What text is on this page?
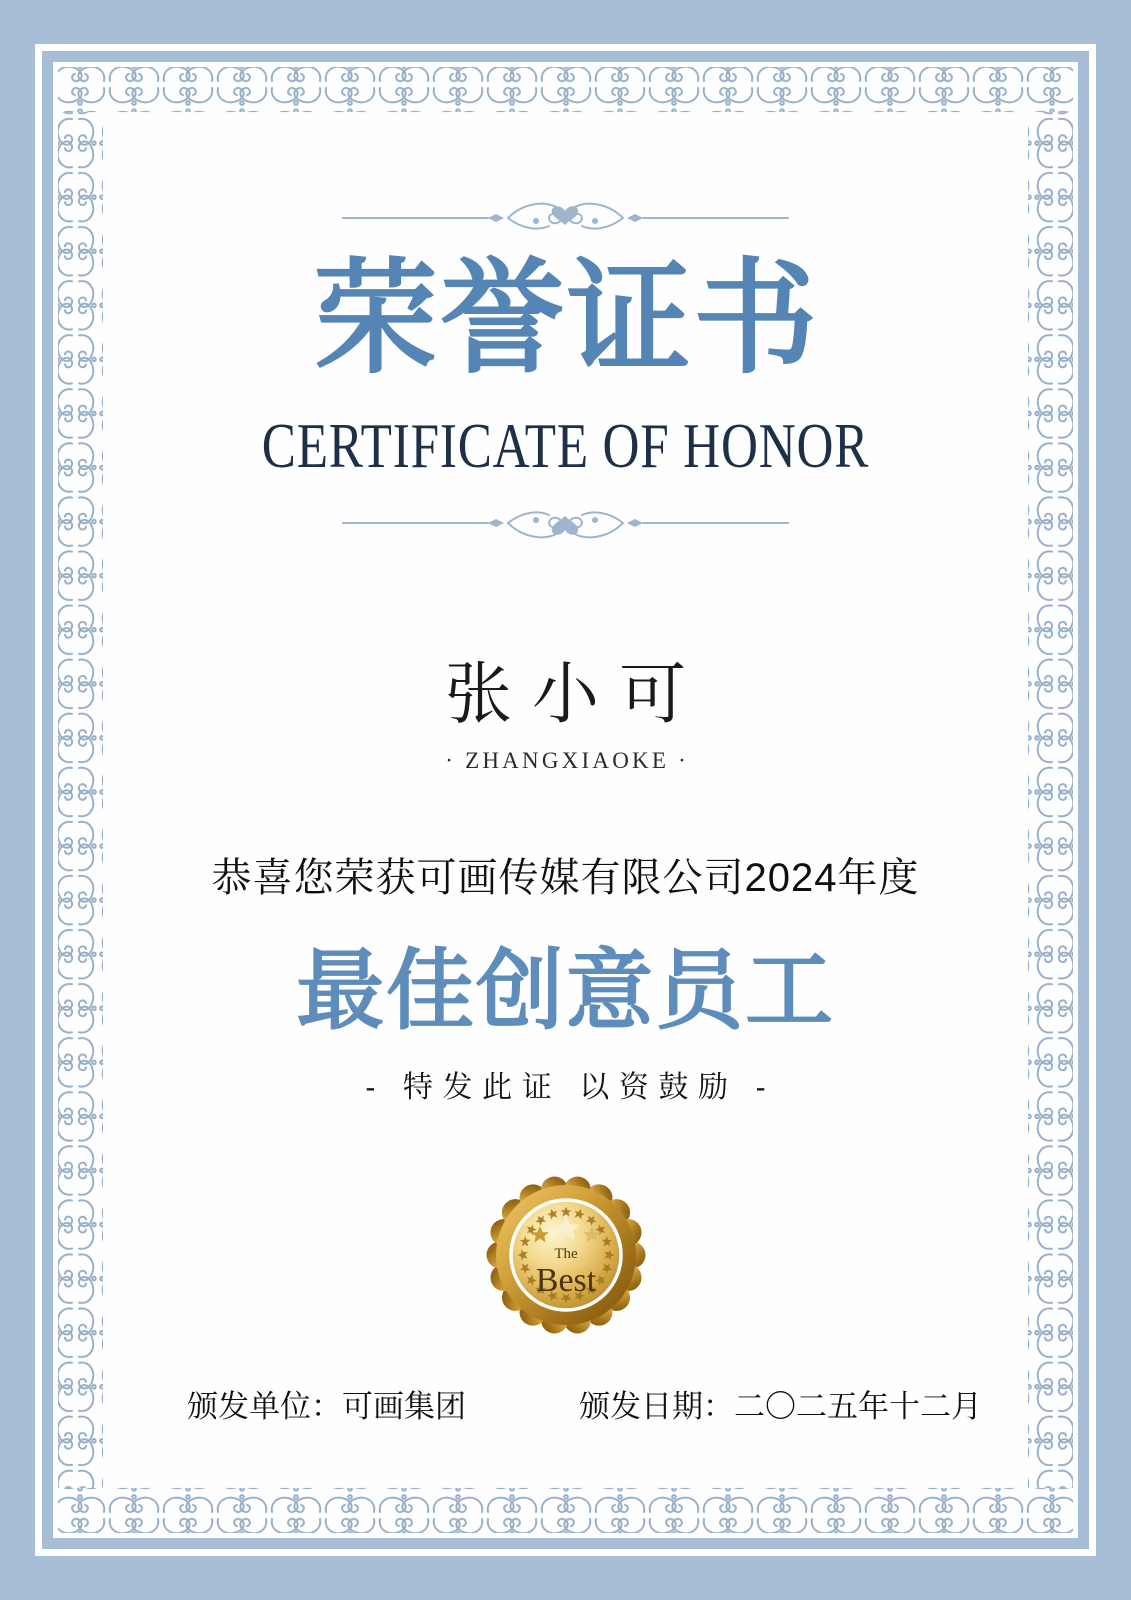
荣誉证书
CERTIFICATE OF HONOR
张小可
· ZHANGXIAOKE ·
恭喜您荣获可画传媒有限公司2024年度
最佳创意员工
- 特发此证 以资鼓励 -
The
Best
颁发单位：可画集团	颁发日期：二〇二五年十二月
